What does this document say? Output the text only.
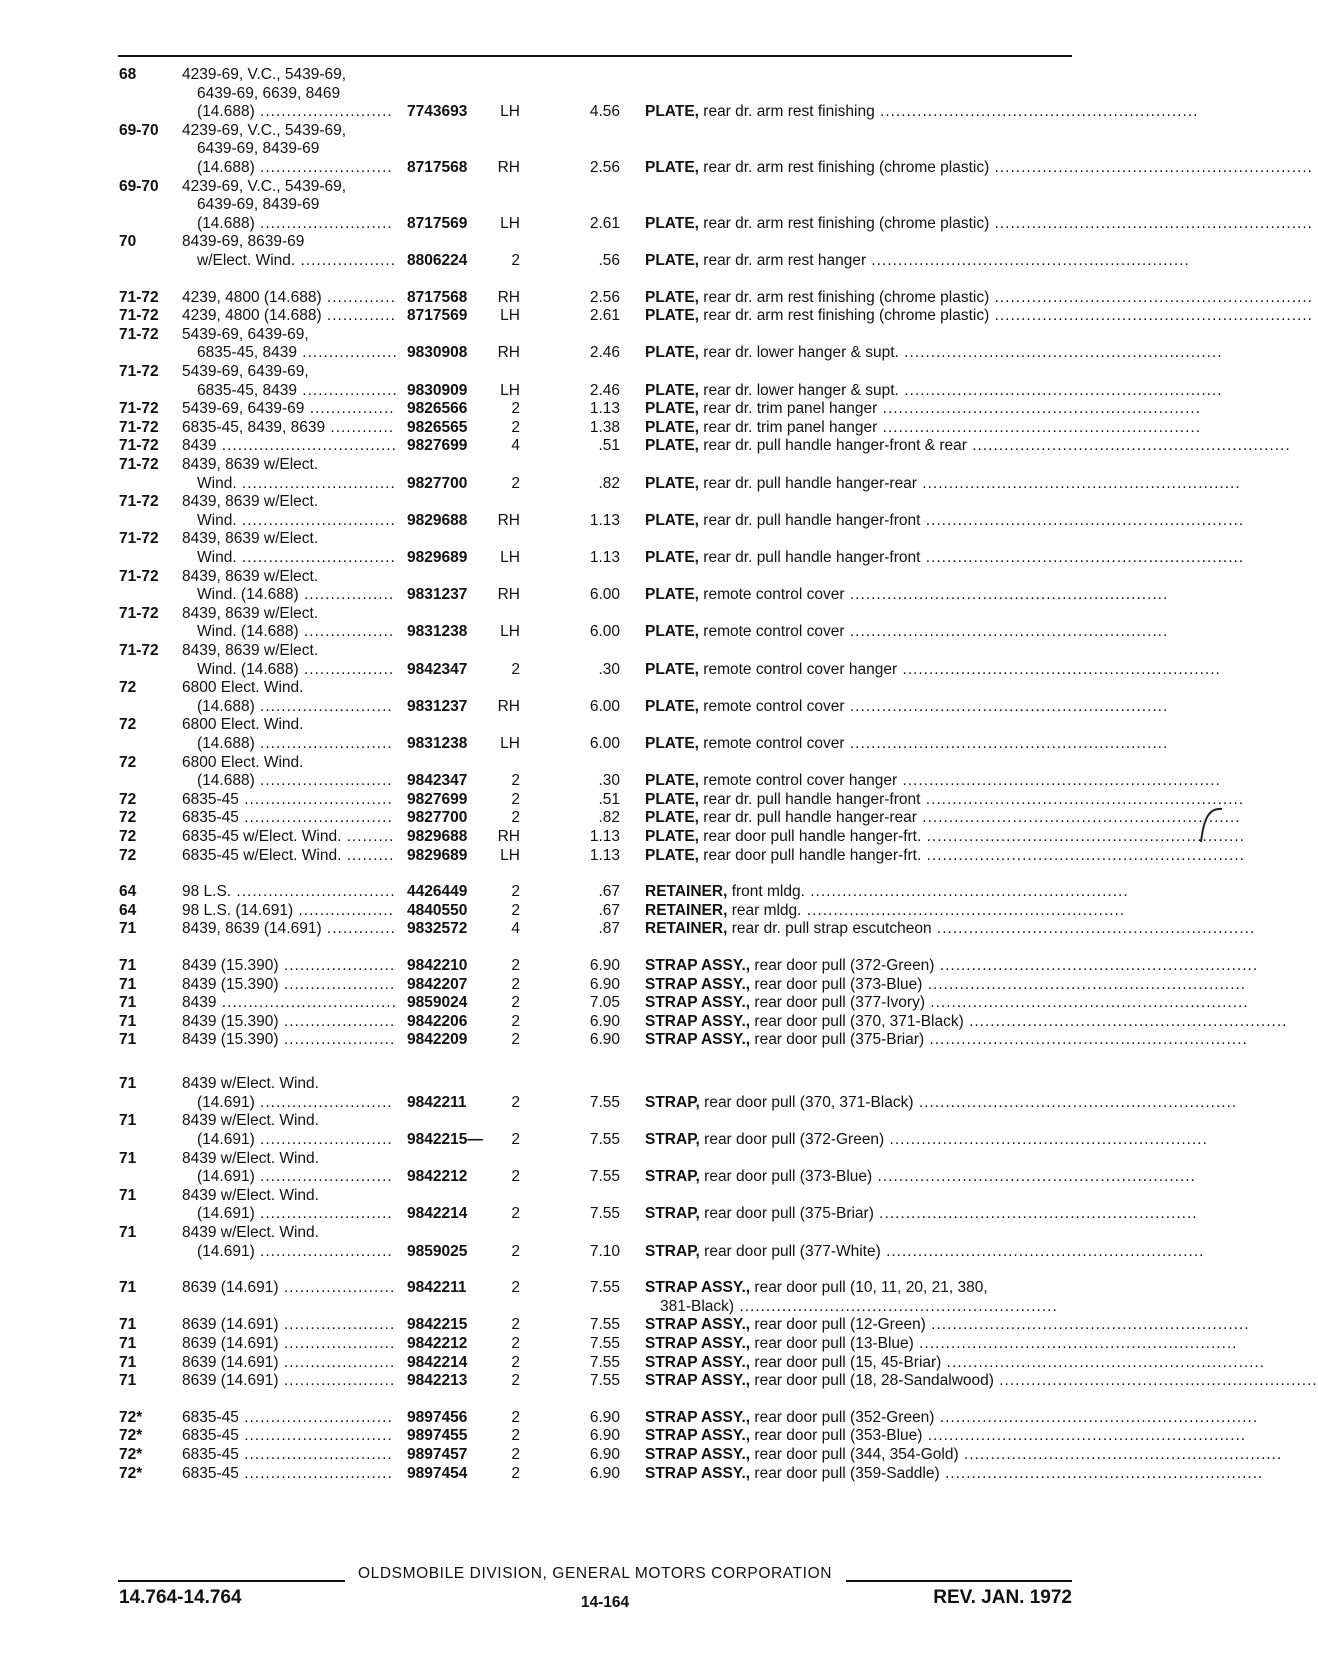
68	4239-69, V.C., 5439-69,
6439-69, 6639, 8469
(14.688) ......................... 7743693	LH	4.56 PLATE, rear dr. arm rest finishing ............................................................
69-70 4239-69, V.C., 5439-69,
6439-69, 8439-69
(14.688) ......................... 8717568	RH	2.56 PLATE, rear dr. arm rest finishing (chrome plastic) ............................................................
69-70 4239-69, V.C., 5439-69,
6439-69, 8439-69
(14.688) ......................... 8717569	LH	2.61 PLATE, rear dr. arm rest finishing (chrome plastic) ............................................................
70	8439-69, 8639-69
w/Elect. Wind. .................. 8806224	2	.56 PLATE, rear dr. arm rest hanger ............................................................
71-72 4239, 4800 (14.688) ............. 8717568	RH	2.56 PLATE, rear dr. arm rest finishing (chrome plastic) ............................................................
71-72 4239, 4800 (14.688) ............. 8717569	LH	2.61 PLATE, rear dr. arm rest finishing (chrome plastic) ............................................................
71-72 5439-69, 6439-69,
6835-45, 8439 .................. 9830908	RH	2.46 PLATE, rear dr. lower hanger & supt. ............................................................
71-72 5439-69, 6439-69,
6835-45, 8439 .................. 9830909	LH	2.46 PLATE, rear dr. lower hanger & supt. ............................................................
71-72 5439-69, 6439-69 ................ 9826566	2	1.13 PLATE, rear dr. trim panel hanger ............................................................
71-72 6835-45, 8439, 8639 ............ 9826565	2	1.38 PLATE, rear dr. trim panel hanger ............................................................
71-72 8439 ................................. 9827699	4	.51 PLATE, rear dr. pull handle hanger-front & rear ............................................................
71-72 8439, 8639 w/Elect.
Wind. ............................. 9827700	2	.82 PLATE, rear dr. pull handle hanger-rear ............................................................
71-72 8439, 8639 w/Elect.
Wind. ............................. 9829688	RH	1.13 PLATE, rear dr. pull handle hanger-front ............................................................
71-72 8439, 8639 w/Elect.
Wind. ............................. 9829689	LH	1.13 PLATE, rear dr. pull handle hanger-front ............................................................
71-72 8439, 8639 w/Elect.
Wind. (14.688) ................. 9831237	RH	6.00 PLATE, remote control cover ............................................................
71-72 8439, 8639 w/Elect.
Wind. (14.688) ................. 9831238	LH	6.00 PLATE, remote control cover ............................................................
71-72 8439, 8639 w/Elect.
Wind. (14.688) ................. 9842347	2	.30 PLATE, remote control cover hanger ............................................................
72	6800 Elect. Wind.
(14.688) ......................... 9831237	RH	6.00 PLATE, remote control cover ............................................................
72	6800 Elect. Wind.
(14.688) ......................... 9831238	LH	6.00 PLATE, remote control cover ............................................................
72	6800 Elect. Wind.
(14.688) ......................... 9842347	2	.30 PLATE, remote control cover hanger ............................................................
72	6835-45 ............................ 9827699	2	.51 PLATE, rear dr. pull handle hanger-front ............................................................
72	6835-45 ............................ 9827700	2	.82 PLATE, rear dr. pull handle hanger-rear ............................................................
72	6835-45 w/Elect. Wind. ......... 9829688	RH	1.13 PLATE, rear door pull handle hanger-frt. ............................................................
72	6835-45 w/Elect. Wind. ......... 9829689	LH	1.13 PLATE, rear door pull handle hanger-frt. ............................................................
64	98 L.S. .............................. 4426449	2	.67 RETAINER, front mldg. ............................................................
64	98 L.S. (14.691) .................. 4840550	2	.67 RETAINER, rear mldg. ............................................................
71	8439, 8639 (14.691) ............. 9832572	4	.87 RETAINER, rear dr. pull strap escutcheon ............................................................
71	8439 (15.390) ..................... 9842210	2	6.90 STRAP ASSY., rear door pull (372-Green) ............................................................
71	8439 (15.390) ..................... 9842207	2	6.90 STRAP ASSY., rear door pull (373-Blue) ............................................................
71	8439 ................................. 9859024	2	7.05 STRAP ASSY., rear door pull (377-Ivory) ............................................................
71	8439 (15.390) ..................... 9842206	2	6.90 STRAP ASSY., rear door pull (370, 371-Black) ............................................................
71	8439 (15.390) ..................... 9842209	2	6.90 STRAP ASSY., rear door pull (375-Briar) ............................................................
71	8439 w/Elect. Wind.
(14.691) ......................... 9842211	2	7.55 STRAP, rear door pull (370, 371-Black) ............................................................
71	8439 w/Elect. Wind.
(14.691) ......................... 9842215—	2	7.55 STRAP, rear door pull (372-Green) ............................................................
71	8439 w/Elect. Wind.
(14.691) ......................... 9842212	2	7.55 STRAP, rear door pull (373-Blue) ............................................................
71	8439 w/Elect. Wind.
(14.691) ......................... 9842214	2	7.55 STRAP, rear door pull (375-Briar) ............................................................
71	8439 w/Elect. Wind.
(14.691) ......................... 9859025	2	7.10 STRAP, rear door pull (377-White) ............................................................
71	8639 (14.691) ..................... 9842211	2	7.55 STRAP ASSY., rear door pull (10, 11, 20, 21, 380,
381-Black) ............................................................
71	8639 (14.691) ..................... 9842215	2	7.55 STRAP ASSY., rear door pull (12-Green) ............................................................
71	8639 (14.691) ..................... 9842212	2	7.55 STRAP ASSY., rear door pull (13-Blue) ............................................................
71	8639 (14.691) ..................... 9842214	2	7.55 STRAP ASSY., rear door pull (15, 45-Briar) ............................................................
71	8639 (14.691) ..................... 9842213	2	7.55 STRAP ASSY., rear door pull (18, 28-Sandalwood) ............................................................
72*	6835-45 ............................ 9897456	2	6.90 STRAP ASSY., rear door pull (352-Green) ............................................................
72*	6835-45 ............................ 9897455	2	6.90 STRAP ASSY., rear door pull (353-Blue) ............................................................
72*	6835-45 ............................ 9897457	2	6.90 STRAP ASSY., rear door pull (344, 354-Gold) ............................................................
72*	6835-45 ............................ 9897454	2	6.90 STRAP ASSY., rear door pull (359-Saddle) ............................................................
OLDSMOBILE DIVISION, GENERAL MOTORS CORPORATION
14.764-14.764	14-164	REV. JAN. 1972
